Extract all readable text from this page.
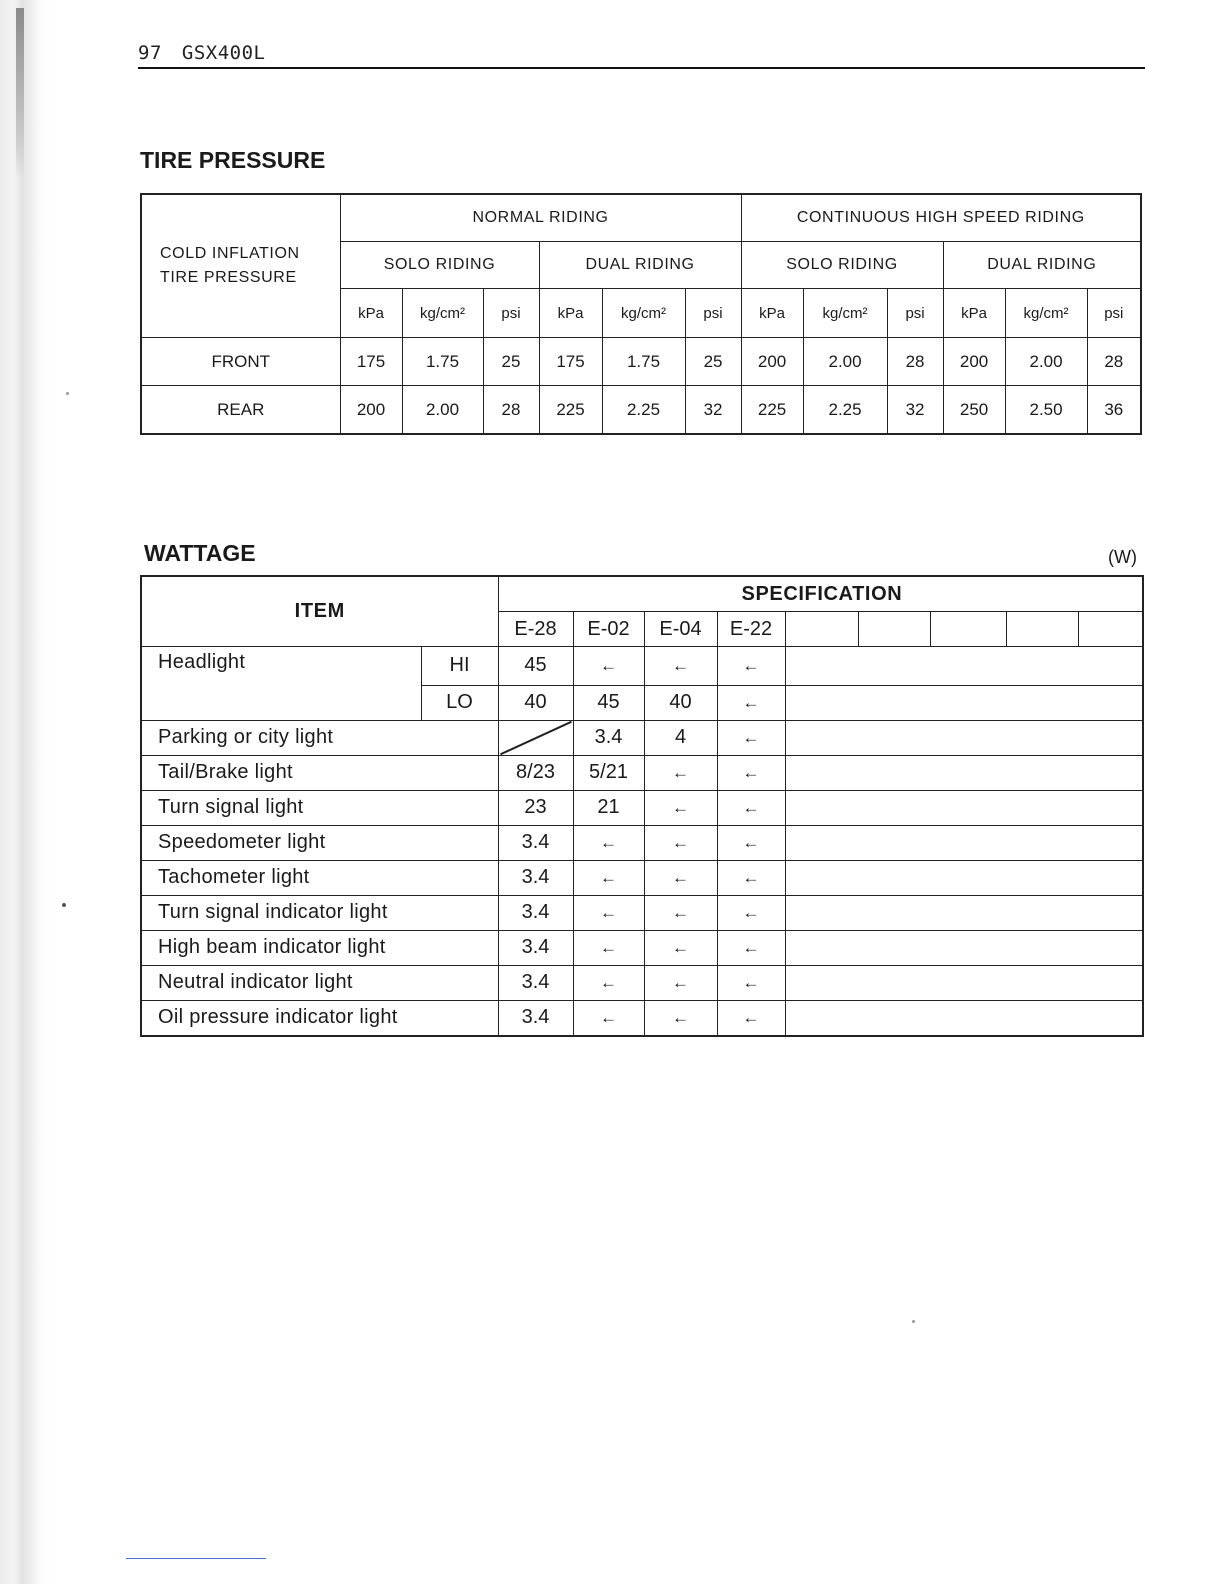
97 GSX400L
TIRE PRESSURE
COLD INFLATION
TIRE PRESSURE	NORMAL RIDING						CONTINUOUS HIGH SPEED RIDING					
	SOLO RIDING			DUAL RIDING			SOLO RIDING			DUAL RIDING		
	kPa	kg/cm²	psi	kPa	kg/cm²	psi	kPa	kg/cm²	psi	kPa	kg/cm²	psi
FRONT	175	1.75	25	175	1.75	25	200	2.00	28	200	2.00	28
REAR	200	2.00	28	225	2.25	32	225	2.25	32	250	2.50	36
WATTAGE	(W)
ITEM		SPECIFICATION								
		E-28	E-02	E-04	E-22					
Headlight	HI	45	←	←	←					
	LO	40	45	40	←					
Parking or city light			3.4	4	←					
Tail/Brake light		8/23	5/21	←	←					
Turn signal light		23	21	←	←					
Speedometer light		3.4	←	←	←					
Tachometer light		3.4	←	←	←					
Turn signal indicator light		3.4	←	←	←					
High beam indicator light		3.4	←	←	←					
Neutral indicator light		3.4	←	←	←					
Oil pressure indicator light		3.4	←	←	←					
